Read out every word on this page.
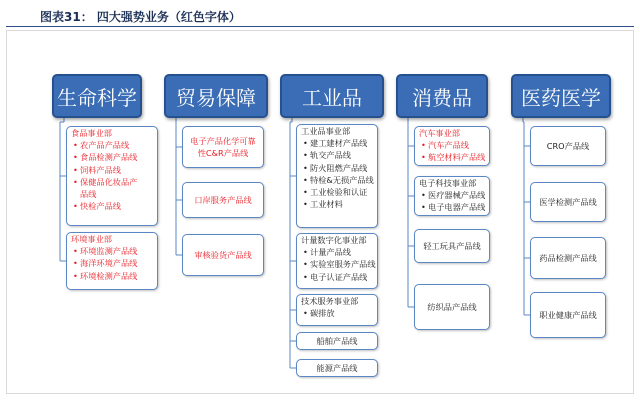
图表31： 四大强势业务（红色字体）
生命科学	贸易保障	工业品	消费品	医药医学
食品事业部
• 农产品产品线
• 食品检测产品线
• 饲料产品线
• 保健品化妆品产品线
• 快检产品线
环境事业部
• 环境监测产品线
• 海洋环境产品线
• 环境检测产品线
电子产品化学可靠性C&R产品线
口岸服务产品线
审核验货产品线
工业品事业部
• 建工建材产品线
• 轨交产品线
• 防火阻燃产品线
• 特检&无损产品线
• 工业检验和认证
• 工业材料
计量数字化事业部
• 计量产品线
• 实验室服务产品线
• 电子认证产品线
技术服务事业部
• 碳排放
船舶产品线
能源产品线
汽车事业部
• 汽车产品线
• 航空材料产品线
电子科技事业部
• 医疗器械产品线
• 电子电器产品线
轻工玩具产品线
纺织品产品线
CRO产品线
医学检测产品线
药品检测产品线
职业健康产品线
